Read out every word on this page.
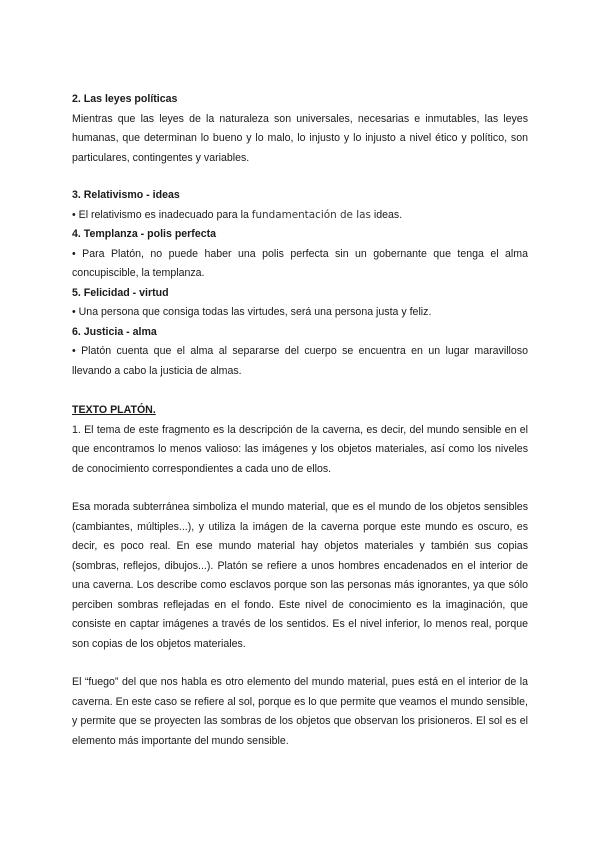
2. Las leyes políticas

Mientras que las leyes de la naturaleza son universales, necesarias e inmutables, las leyes humanas, que determinan lo bueno y lo malo, lo injusto y lo injusto a nivel ético y político, son particulares, contingentes y variables.

3. Relativismo - ideas

• El relativismo es inadecuado para la fundamentación de las ideas.

4. Templanza - polis perfecta

• Para Platón, no puede haber una polis perfecta sin un gobernante que tenga el alma concupiscible, la templanza.

5. Felicidad - virtud

• Una persona que consiga todas las virtudes, será una persona justa y feliz.

6. Justicia - alma

• Platón cuenta que el alma al separarse del cuerpo se encuentra en un lugar maravilloso llevando a cabo la justicia de almas.

TEXTO PLATÓN.

1. El tema de este fragmento es la descripción de la caverna, es decir, del mundo sensible en el que encontramos lo menos valioso: las imágenes y los objetos materiales, así como los niveles de conocimiento correspondientes a cada uno de ellos.

Esa morada subterránea simboliza el mundo material, que es el mundo de los objetos sensibles (cambiantes, múltiples...), y utiliza la imágen de la caverna porque este mundo es oscuro, es decir, es poco real. En ese mundo material hay objetos materiales y también sus copias (sombras, reflejos, dibujos...). Platón se refiere a unos hombres encadenados en el interior de una caverna. Los describe como esclavos porque son las personas más ignorantes, ya que sólo perciben sombras reflejadas en el fondo. Este nivel de conocimiento es la imaginación, que consiste en captar imágenes a través de los sentidos. Es el nivel inferior, lo menos real, porque son copias de los objetos materiales.

El “fuego” del que nos habla es otro elemento del mundo material, pues está en el interior de la caverna. En este caso se refiere al sol, porque es lo que permite que veamos el mundo sensible, y permite que se proyecten las sombras de los objetos que observan los prisioneros. El sol es el elemento más importante del mundo sensible.
